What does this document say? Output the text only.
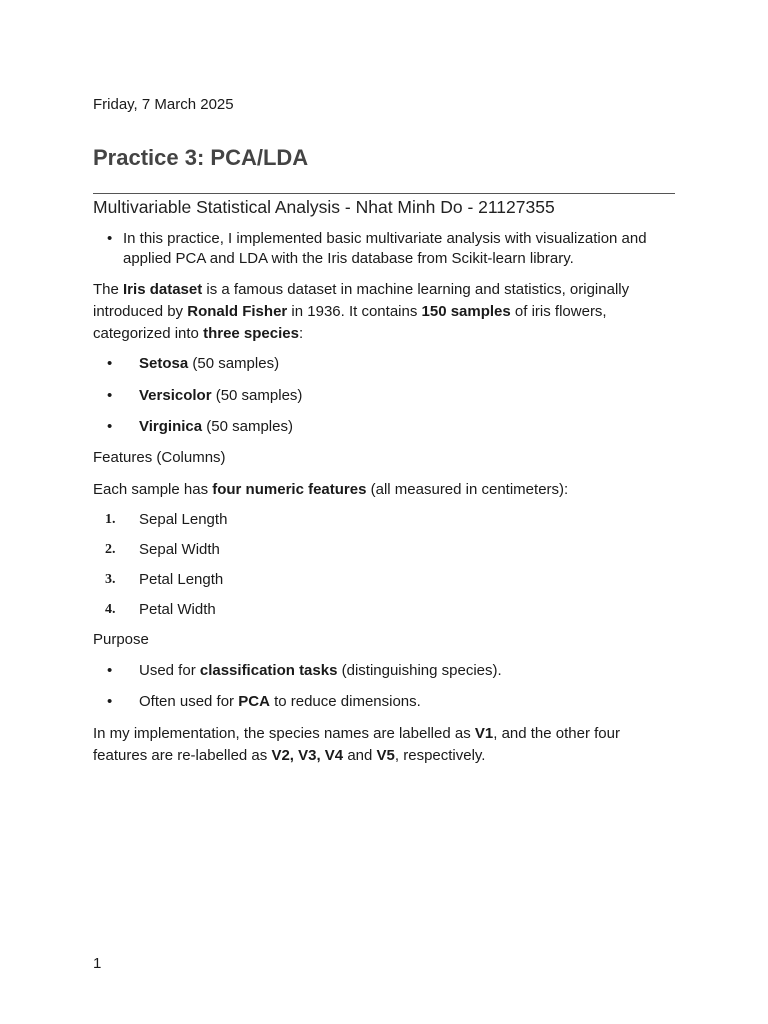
Friday, 7 March 2025
Practice 3: PCA/LDA
Multivariable Statistical Analysis - Nhat Minh Do - 21127355
• In this practice, I implemented basic multivariate analysis with visualization and applied PCA and LDA with the Iris database from Scikit-learn library.
The Iris dataset is a famous dataset in machine learning and statistics, originally introduced by Ronald Fisher in 1936. It contains 150 samples of iris flowers, categorized into three species:
• Setosa (50 samples)
• Versicolor (50 samples)
• Virginica (50 samples)
Features (Columns)
Each sample has four numeric features (all measured in centimeters):
1. Sepal Length
2. Sepal Width
3. Petal Length
4. Petal Width
Purpose
• Used for classification tasks (distinguishing species).
• Often used for PCA to reduce dimensions.
In my implementation, the species names are labelled as V1, and the other four features are re-labelled as V2, V3, V4 and V5, respectively.
1
